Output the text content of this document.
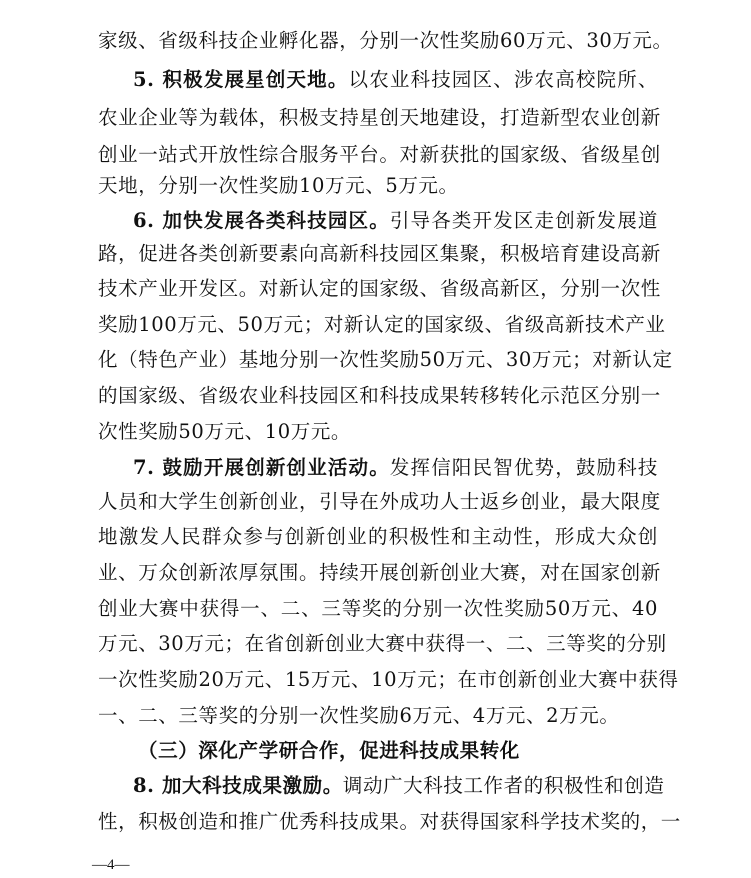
家级、省级科技企业孵化器，分别一次性奖励60万元、30万元。
5. 积极发展星创天地。以农业科技园区、涉农高校院所、
农业企业等为载体，积极支持星创天地建设，打造新型农业创新
创业一站式开放性综合服务平台。对新获批的国家级、省级星创
天地，分别一次性奖励10万元、5万元。
6. 加快发展各类科技园区。引导各类开发区走创新发展道
路，促进各类创新要素向高新科技园区集聚，积极培育建设高新
技术产业开发区。对新认定的国家级、省级高新区，分别一次性
奖励100万元、50万元；对新认定的国家级、省级高新技术产业
化（特色产业）基地分别一次性奖励50万元、30万元；对新认定
的国家级、省级农业科技园区和科技成果转移转化示范区分别一
次性奖励50万元、10万元。
7. 鼓励开展创新创业活动。发挥信阳民智优势，鼓励科技
人员和大学生创新创业，引导在外成功人士返乡创业，最大限度
地激发人民群众参与创新创业的积极性和主动性，形成大众创
业、万众创新浓厚氛围。持续开展创新创业大赛，对在国家创新
创业大赛中获得一、二、三等奖的分别一次性奖励50万元、40
万元、30万元；在省创新创业大赛中获得一、二、三等奖的分别
一次性奖励20万元、15万元、10万元；在市创新创业大赛中获得
一、二、三等奖的分别一次性奖励6万元、4万元、2万元。
（三）深化产学研合作，促进科技成果转化
8. 加大科技成果激励。调动广大科技工作者的积极性和创造
性，积极创造和推广优秀科技成果。对获得国家科学技术奖的，一
—4—
